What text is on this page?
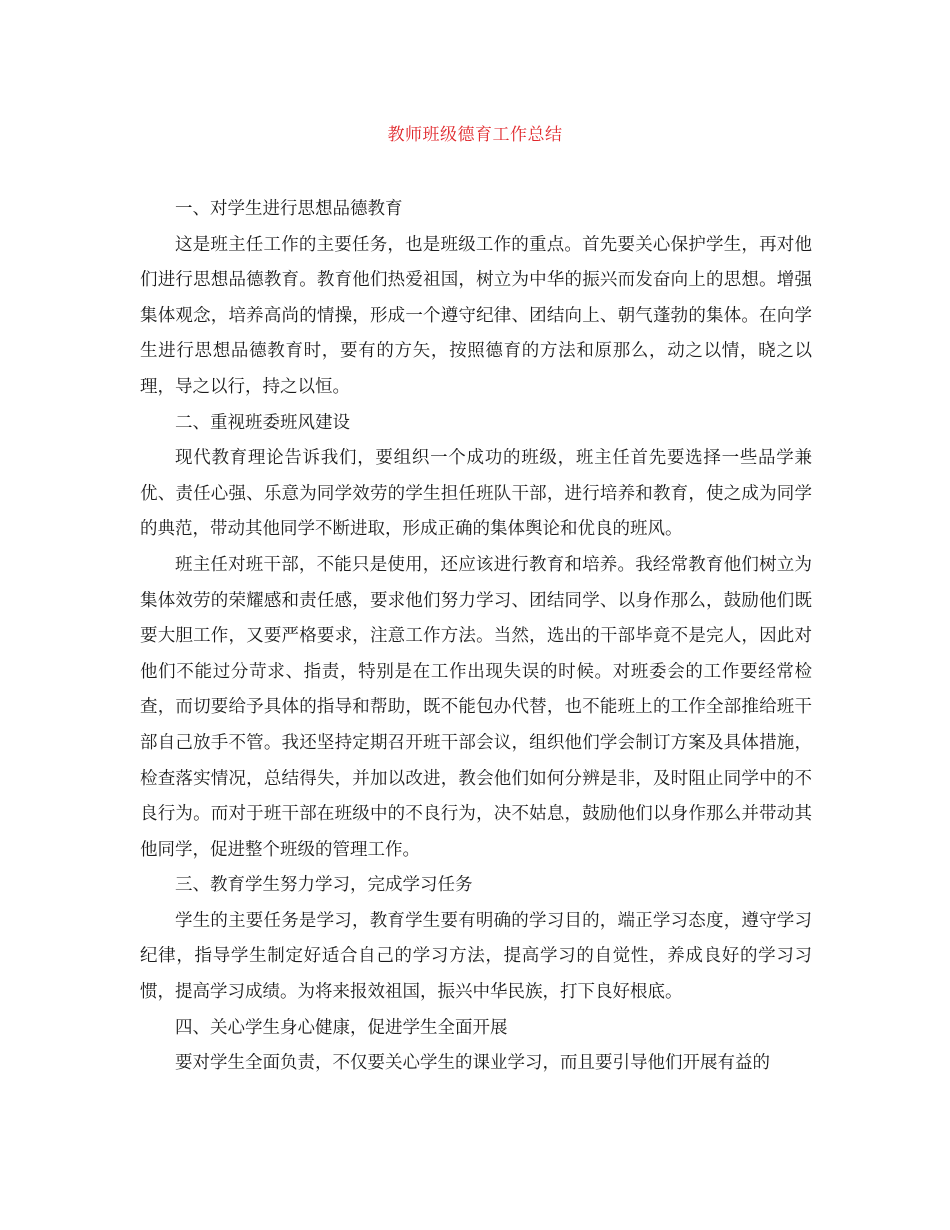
教师班级德育工作总结

一、对学生进行思想品德教育

这是班主任工作的主要任务，也是班级工作的重点。首先要关心保护学生，再对他们进行思想品德教育。教育他们热爱祖国，树立为中华的振兴而发奋向上的思想。增强集体观念，培养高尚的情操，形成一个遵守纪律、团结向上、朝气蓬勃的集体。在向学生进行思想品德教育时，要有的方矢，按照德育的方法和原那么，动之以情，晓之以理，导之以行，持之以恒。

二、重视班委班风建设

现代教育理论告诉我们，要组织一个成功的班级，班主任首先要选择一些品学兼优、责任心强、乐意为同学效劳的学生担任班队干部，进行培养和教育，使之成为同学的典范，带动其他同学不断进取，形成正确的集体舆论和优良的班风。

班主任对班干部，不能只是使用，还应该进行教育和培养。我经常教育他们树立为集体效劳的荣耀感和责任感，要求他们努力学习、团结同学、以身作那么，鼓励他们既要大胆工作，又要严格要求，注意工作方法。当然，选出的干部毕竟不是完人，因此对他们不能过分苛求、指责，特别是在工作出现失误的时候。对班委会的工作要经常检查，而切要给予具体的指导和帮助，既不能包办代替，也不能班上的工作全部推给班干部自己放手不管。我还坚持定期召开班干部会议，组织他们学会制订方案及具体措施，检查落实情况，总结得失，并加以改进，教会他们如何分辨是非，及时阻止同学中的不良行为。而对于班干部在班级中的不良行为，决不姑息，鼓励他们以身作那么并带动其他同学，促进整个班级的管理工作。

三、教育学生努力学习，完成学习任务

学生的主要任务是学习，教育学生要有明确的学习目的，端正学习态度，遵守学习纪律，指导学生制定好适合自己的学习方法，提高学习的自觉性，养成良好的学习习惯，提高学习成绩。为将来报效祖国，振兴中华民族，打下良好根底。

四、关心学生身心健康，促进学生全面开展

要对学生全面负责，不仅要关心学生的课业学习，而且要引导他们开展有益的
